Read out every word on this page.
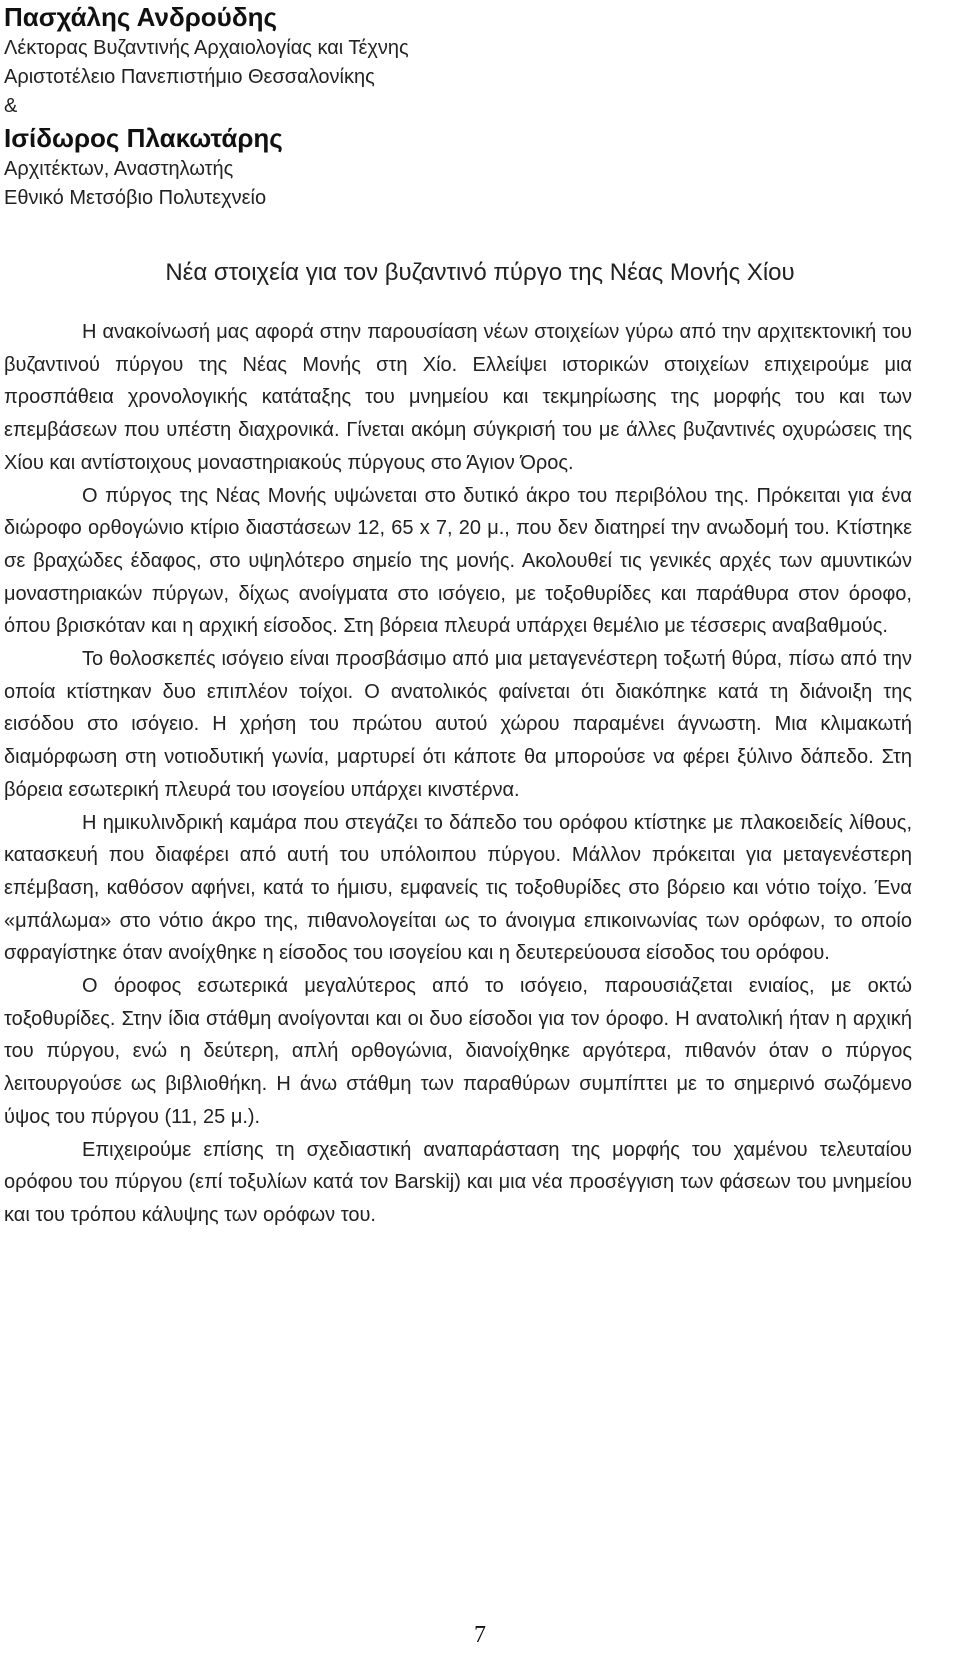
Πασχάλης Ανδρούδης
Λέκτορας Βυζαντινής Αρχαιολογίας και Τέχνης
Αριστοτέλειο Πανεπιστήμιο Θεσσαλονίκης
&
Ισίδωρος Πλακωτάρης
Αρχιτέκτων, Αναστηλωτής
Εθνικό Μετσόβιο Πολυτεχνείο
Νέα στοιχεία για τον βυζαντινό πύργο της Νέας Μονής Χίου

Η ανακοίνωσή μας αφορά στην παρουσίαση νέων στοιχείων γύρω από την αρχιτεκτονική του βυζαντινού πύργου της Νέας Μονής στη Χίο. Ελλείψει ιστορικών στοιχείων επιχειρούμε μια προσπάθεια χρονολογικής κατάταξης του μνημείου και τεκμηρίωσης της μορφής του και των επεμβάσεων που υπέστη διαχρονικά. Γίνεται ακόμη σύγκρισή του με άλλες βυζαντινές οχυρώσεις της Χίου και αντίστοιχους μοναστηριακούς πύργους στο Άγιον Όρος.

Ο πύργος της Νέας Μονής υψώνεται στο δυτικό άκρο του περιβόλου της. Πρόκειται για ένα διώροφο ορθογώνιο κτίριο διαστάσεων 12, 65 x 7, 20 μ., που δεν διατηρεί την ανωδομή του. Κτίστηκε σε βραχώδες έδαφος, στο υψηλότερο σημείο της μονής. Ακολουθεί τις γενικές αρχές των αμυντικών μοναστηριακών πύργων, δίχως ανοίγματα στο ισόγειο, με τοξοθυρίδες και παράθυρα στον όροφο, όπου βρισκόταν και η αρχική είσοδος. Στη βόρεια πλευρά υπάρχει θεμέλιο με τέσσερις αναβαθμούς.

Το θολοσκεπές ισόγειο είναι προσβάσιμο από μια μεταγενέστερη τοξωτή θύρα, πίσω από την οποία κτίστηκαν δυο επιπλέον τοίχοι. Ο ανατολικός φαίνεται ότι διακόπηκε κατά τη διάνοιξη της εισόδου στο ισόγειο. Η χρήση του πρώτου αυτού χώρου παραμένει άγνωστη. Μια κλιμακωτή διαμόρφωση στη νοτιοδυτική γωνία, μαρτυρεί ότι κάποτε θα μπορούσε να φέρει ξύλινο δάπεδο. Στη βόρεια εσωτερική πλευρά του ισογείου υπάρχει κινστέρνα.

Η ημικυλινδρική καμάρα που στεγάζει το δάπεδο του ορόφου κτίστηκε με πλακοειδείς λίθους, κατασκευή που διαφέρει από αυτή του υπόλοιπου πύργου. Μάλλον πρόκειται για μεταγενέστερη επέμβαση, καθόσον αφήνει, κατά το ήμισυ, εμφανείς τις τοξοθυρίδες στο βόρειο και νότιο τοίχο. Ένα «μπάλωμα» στο νότιο άκρο της, πιθανολογείται ως το άνοιγμα επικοινωνίας των ορόφων, το οποίο σφραγίστηκε όταν ανοίχθηκε η είσοδος του ισογείου και η δευτερεύουσα είσοδος του ορόφου.

Ο όροφος εσωτερικά μεγαλύτερος από το ισόγειο, παρουσιάζεται ενιαίος, με οκτώ τοξοθυρίδες. Στην ίδια στάθμη ανοίγονται και οι δυο είσοδοι για τον όροφο. Η ανατολική ήταν η αρχική του πύργου, ενώ η δεύτερη, απλή ορθογώνια, διανοίχθηκε αργότερα, πιθανόν όταν ο πύργος λειτουργούσε ως βιβλιοθήκη. Η άνω στάθμη των παραθύρων συμπίπτει με το σημερινό σωζόμενο ύψος του πύργου (11, 25 μ.).

Επιχειρούμε επίσης τη σχεδιαστική αναπαράσταση της μορφής του χαμένου τελευταίου ορόφου του πύργου (επί τοξυλίων κατά τον Barskij) και μια νέα προσέγγιση των φάσεων του μνημείου και του τρόπου κάλυψης των ορόφων του.

7
